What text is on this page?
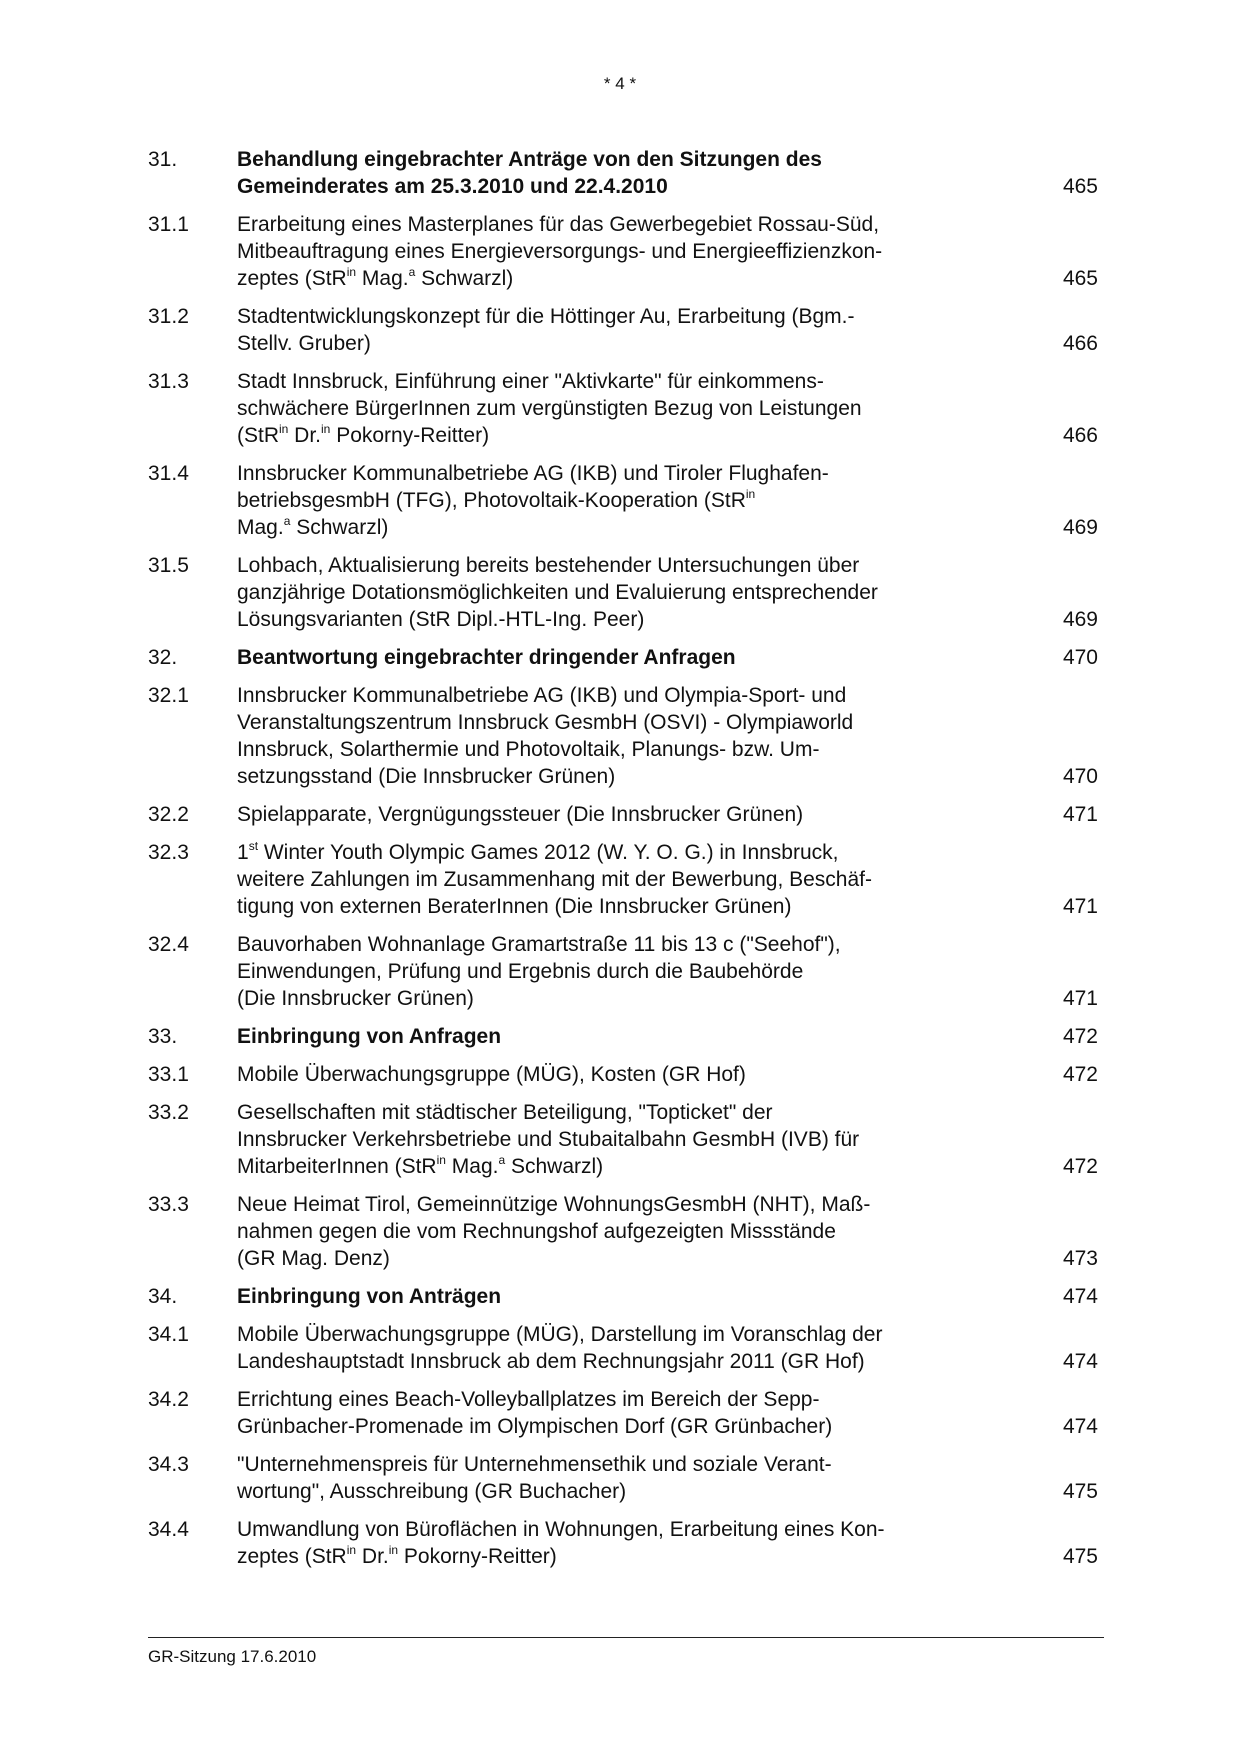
* 4 *
31.	Behandlung eingebrachter Anträge von den Sitzungen des
Gemeinderates am 25.3.2010 und 22.4.2010	465
31.1	Erarbeitung eines Masterplanes für das Gewerbegebiet Rossau-Süd,
Mitbeauftragung eines Energieversorgungs- und Energieeffizienzkon-
zeptes (StR$^{in}$ Mag.$^a$ Schwarzl)	465
31.2	Stadtentwicklungskonzept für die Höttinger Au, Erarbeitung (Bgm.-
Stellv. Gruber)	466
31.3	Stadt Innsbruck, Einführung einer "Aktivkarte" für einkommens-
schwächere BürgerInnen zum vergünstigten Bezug von Leistungen
(StR$^{in}$ Dr.$^{in}$ Pokorny-Reitter)	466
31.4	Innsbrucker Kommunalbetriebe AG (IKB) und Tiroler Flughafen-
betriebsgesmbH (TFG), Photovoltaik-Kooperation (StR$^{in}$
Mag.$^a$ Schwarzl)	469
31.5	Lohbach, Aktualisierung bereits bestehender Untersuchungen über
ganzjährige Dotationsmöglichkeiten und Evaluierung entsprechender
Lösungsvarianten (StR Dipl.-HTL-Ing. Peer)	469
32.	Beantwortung eingebrachter dringender Anfragen	470
32.1	Innsbrucker Kommunalbetriebe AG (IKB) und Olympia-Sport- und
Veranstaltungszentrum Innsbruck GesmbH (OSVI) - Olympiaworld
Innsbruck, Solarthermie und Photovoltaik, Planungs- bzw. Um-
setzungsstand (Die Innsbrucker Grünen)	470
32.2	Spielapparate, Vergnügungssteuer (Die Innsbrucker Grünen)	471
32.3	1st Winter Youth Olympic Games 2012 (W. Y. O. G.) in Innsbruck,
weitere Zahlungen im Zusammenhang mit der Bewerbung, Beschäf-
tigung von externen BeraterInnen (Die Innsbrucker Grünen)	471
32.4	Bauvorhaben Wohnanlage Gramartstraße 11 bis 13 c ("Seehof"),
Einwendungen, Prüfung und Ergebnis durch die Baubehörde
(Die Innsbrucker Grünen)	471
33.	Einbringung von Anfragen	472
33.1	Mobile Überwachungsgruppe (MÜG), Kosten (GR Hof)	472
33.2	Gesellschaften mit städtischer Beteiligung, "Topticket" der
Innsbrucker Verkehrsbetriebe und Stubaitalbahn GesmbH (IVB) für
MitarbeiterInnen (StR$^{in}$ Mag.$^a$ Schwarzl)	472
33.3	Neue Heimat Tirol, Gemeinnützige WohnungsGesmbH (NHT), Maß-
nahmen gegen die vom Rechnungshof aufgezeigten Missstände
(GR Mag. Denz)	473
34.	Einbringung von Anträgen	474
34.1	Mobile Überwachungsgruppe (MÜG), Darstellung im Voranschlag der
Landeshauptstadt Innsbruck ab dem Rechnungsjahr 2011 (GR Hof)	474
34.2	Errichtung eines Beach-Volleyballplatzes im Bereich der Sepp-
Grünbacher-Promenade im Olympischen Dorf (GR Grünbacher)	474
34.3	"Unternehmenspreis für Unternehmensethik und soziale Verant-
wortung", Ausschreibung (GR Buchacher)	475
34.4	Umwandlung von Büroflächen in Wohnungen, Erarbeitung eines Kon-
zeptes (StR$^{in}$ Dr.$^{in}$ Pokorny-Reitter)	475
GR-Sitzung 17.6.2010
